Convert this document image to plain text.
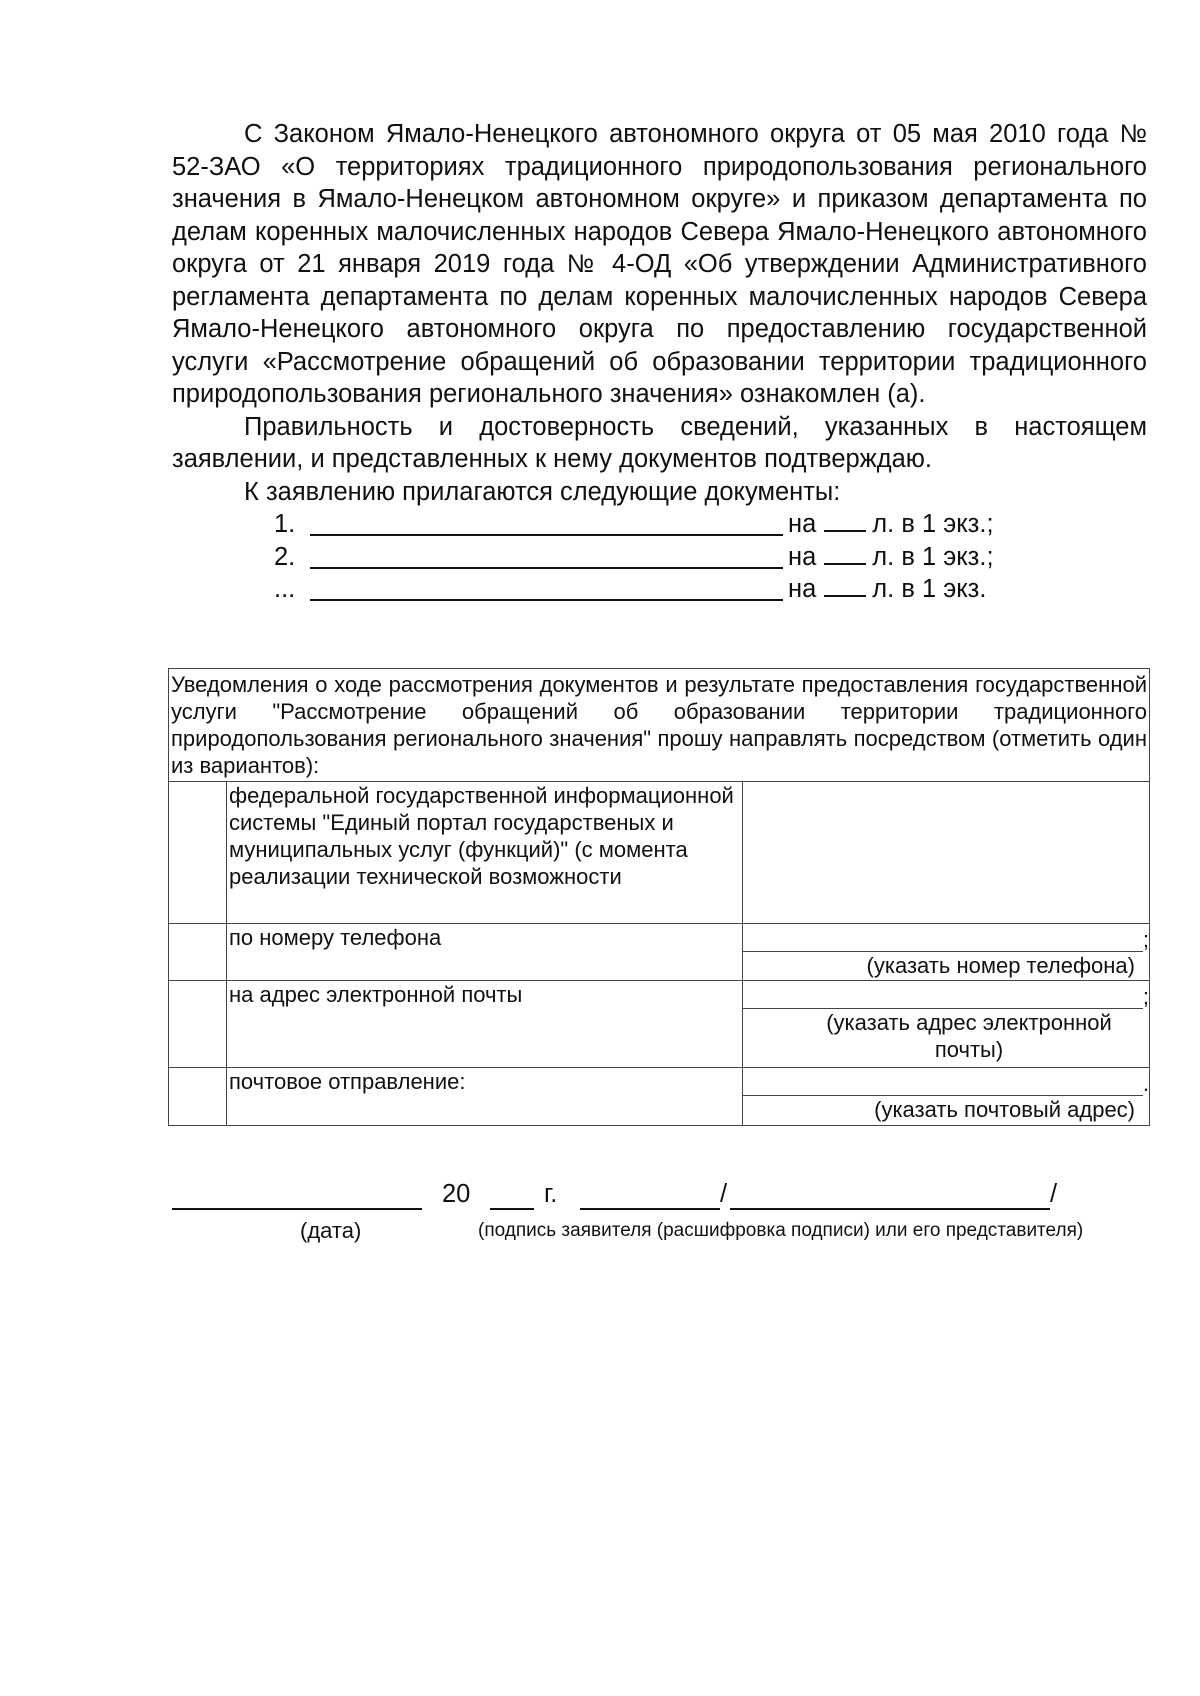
С Законом Ямало-Ненецкого автономного округа от 05 мая 2010 года № 52-ЗАО «О территориях традиционного природопользования регионального значения в Ямало-Ненецком автономном округе» и приказом департамента по делам коренных малочисленных народов Севера Ямало-Ненецкого автономного округа от 21 января 2019 года № 4-ОД «Об утверждении Административного регламента департамента по делам коренных малочисленных народов Севера Ямало-Ненецкого автономного округа по предоставлению государственной услуги «Рассмотрение обращений об образовании территории традиционного природопользования регионального значения» ознакомлен (а).

Правильность и достоверность сведений, указанных в настоящем заявлении, и представленных к нему документов подтверждаю.

К заявлению прилагаются следующие документы:

1.	на л. в 1 экз.;
2.	на л. в 1 экз.;
...	на л. в 1 экз.
Уведомления о ходе рассмотрения документов и результате предоставления государственной услуги "Рассмотрение обращений об образовании территории традиционного природопользования регионального значения" прошу направлять посредством (отметить один из вариантов):		
	федеральной государственной информационной системы "Единый портал государственых и муниципальных услуг (функций)" (с момента реализации технической возможности	
	по номеру телефона	;
(указать номер телефона)

	на адрес электронной почты	;
(указать адрес электронной почты)

	почтовое отправление:	.
(указать почтовый адрес)
20	г.	/	/
(дата)	(подпись заявителя (расшифровка подписи) или его представителя)
